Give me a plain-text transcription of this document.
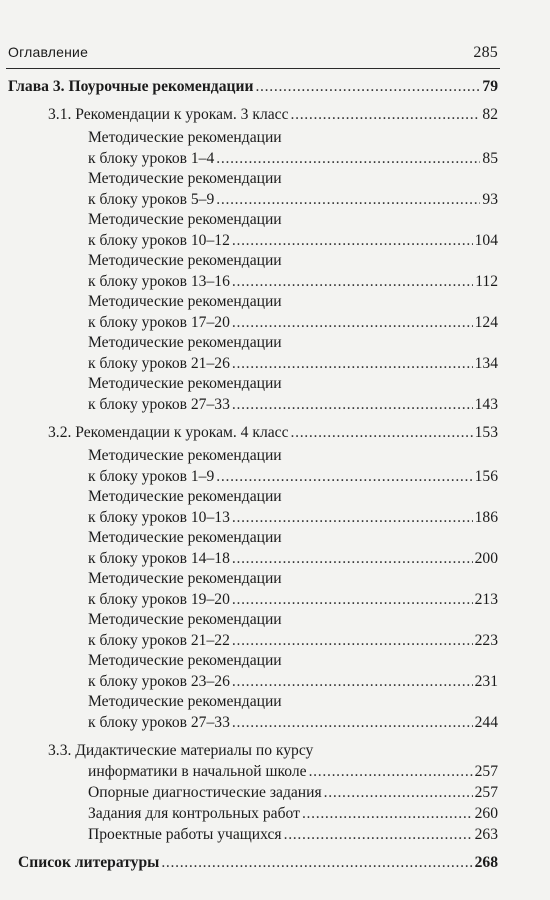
Оглавление	285
Глава 3. Поурочные рекомендации . . .	79
3.1. Рекомендации к урокам. 3 класс . . .	82
Методические рекомендации
к блоку уроков 1–4 . . .	85
Методические рекомендации
к блоку уроков 5–9 . . .	93
Методические рекомендации
к блоку уроков 10–12 . . .	104
Методические рекомендации
к блоку уроков 13–16 . . .	112
Методические рекомендации
к блоку уроков 17–20 . . .	124
Методические рекомендации
к блоку уроков 21–26 . . .	134
Методические рекомендации
к блоку уроков 27–33 . . .	143
3.2. Рекомендации к урокам. 4 класс . . .	153
Методические рекомендации
к блоку уроков 1–9 . . .	156
Методические рекомендации
к блоку уроков 10–13 . . .	186
Методические рекомендации
к блоку уроков 14–18 . . .	200
Методические рекомендации
к блоку уроков 19–20 . . .	213
Методические рекомендации
к блоку уроков 21–22 . . .	223
Методические рекомендации
к блоку уроков 23–26 . . .	231
Методические рекомендации
к блоку уроков 27–33 . . .	244
3.3. Дидактические материалы по курсу
информатики в начальной школе . . .	257
Опорные диагностические задания . . .	257
Задания для контрольных работ . . .	260
Проектные работы учащихся . . .	263
Список литературы . . .	268
